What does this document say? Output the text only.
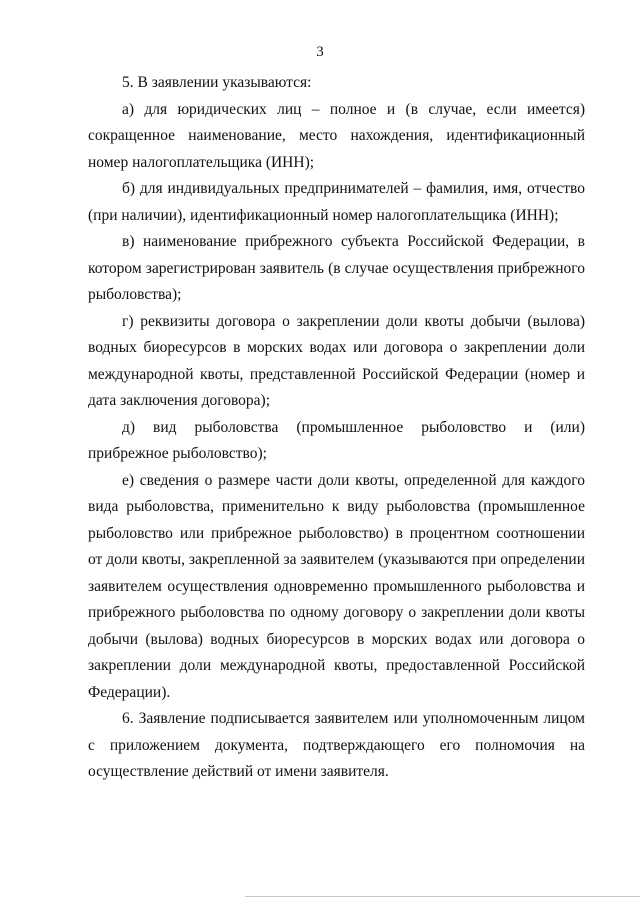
3

5. В заявлении указываются:

а) для юридических лиц – полное и (в случае, если имеется) сокращенное наименование, место нахождения, идентификационный номер налогоплательщика (ИНН);

б) для индивидуальных предпринимателей – фамилия, имя, отчество (при наличии), идентификационный номер налогоплательщика (ИНН);

в) наименование прибрежного субъекта Российской Федерации, в котором зарегистрирован заявитель (в случае осуществления прибрежного рыболовства);

г) реквизиты договора о закреплении доли квоты добычи (вылова) водных биоресурсов в морских водах или договора о закреплении доли международной квоты, представленной Российской Федерации (номер и дата заключения договора);

д) вид рыболовства (промышленное рыболовство и (или) прибрежное рыболовство);

е) сведения о размере части доли квоты, определенной для каждого вида рыболовства, применительно к виду рыболовства (промышленное рыболовство или прибрежное рыболовство) в процентном соотношении от доли квоты, закрепленной за заявителем (указываются при определении заявителем осуществления одновременно промышленного рыболовства и прибрежного рыболовства по одному договору о закреплении доли квоты добычи (вылова) водных биоресурсов в морских водах или договора о закреплении доли международной квоты, предоставленной Российской Федерации).

6. Заявление подписывается заявителем или уполномоченным лицом с приложением документа, подтверждающего его полномочия на осуществление действий от имени заявителя.
